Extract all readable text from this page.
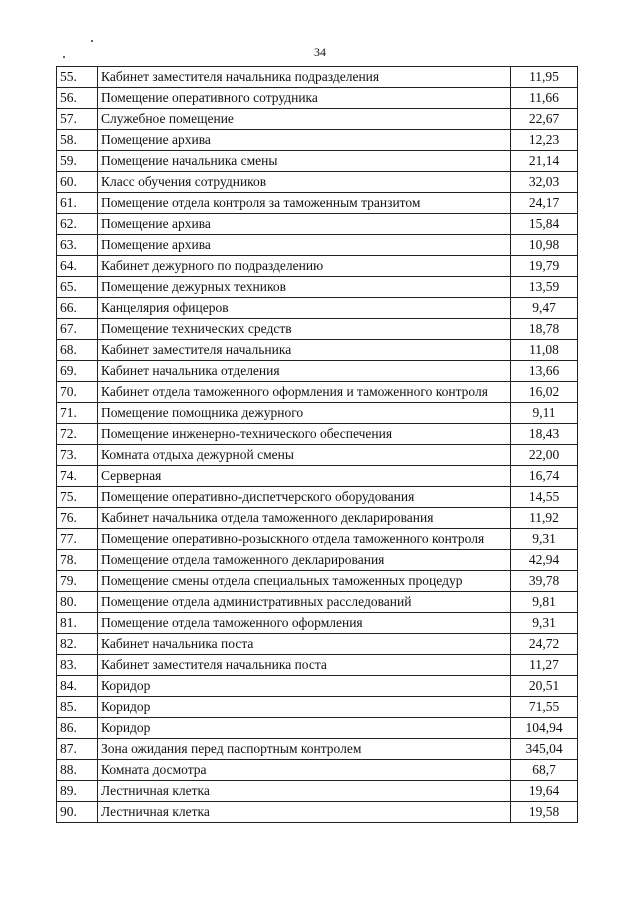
34
55.	Кабинет заместителя начальника подразделения	11,95
56.	Помещение оперативного сотрудника	11,66
57.	Служебное помещение	22,67
58.	Помещение архива	12,23
59.	Помещение начальника смены	21,14
60.	Класс обучения сотрудников	32,03
61.	Помещение отдела контроля за таможенным транзитом	24,17
62.	Помещение архива	15,84
63.	Помещение архива	10,98
64.	Кабинет дежурного по подразделению	19,79
65.	Помещение дежурных техников	13,59
66.	Канцелярия офицеров	9,47
67.	Помещение технических средств	18,78
68.	Кабинет заместителя начальника	11,08
69.	Кабинет начальника отделения	13,66
70.	Кабинет отдела таможенного оформления и таможенного контроля	16,02
71.	Помещение помощника дежурного	9,11
72.	Помещение инженерно-технического обеспечения	18,43
73.	Комната отдыха дежурной смены	22,00
74.	Серверная	16,74
75.	Помещение оперативно-диспетчерского оборудования	14,55
76.	Кабинет начальника отдела таможенного декларирования	11,92
77.	Помещение оперативно-розыскного отдела таможенного контроля	9,31
78.	Помещение отдела таможенного декларирования	42,94
79.	Помещение смены отдела специальных таможенных процедур	39,78
80.	Помещение отдела административных расследований	9,81
81.	Помещение отдела таможенного оформления	9,31
82.	Кабинет начальника поста	24,72
83.	Кабинет заместителя начальника поста	11,27
84.	Коридор	20,51
85.	Коридор	71,55
86.	Коридор	104,94
87.	Зона ожидания перед паспортным контролем	345,04
88.	Комната досмотра	68,7
89.	Лестничная клетка	19,64
90.	Лестничная клетка	19,58
